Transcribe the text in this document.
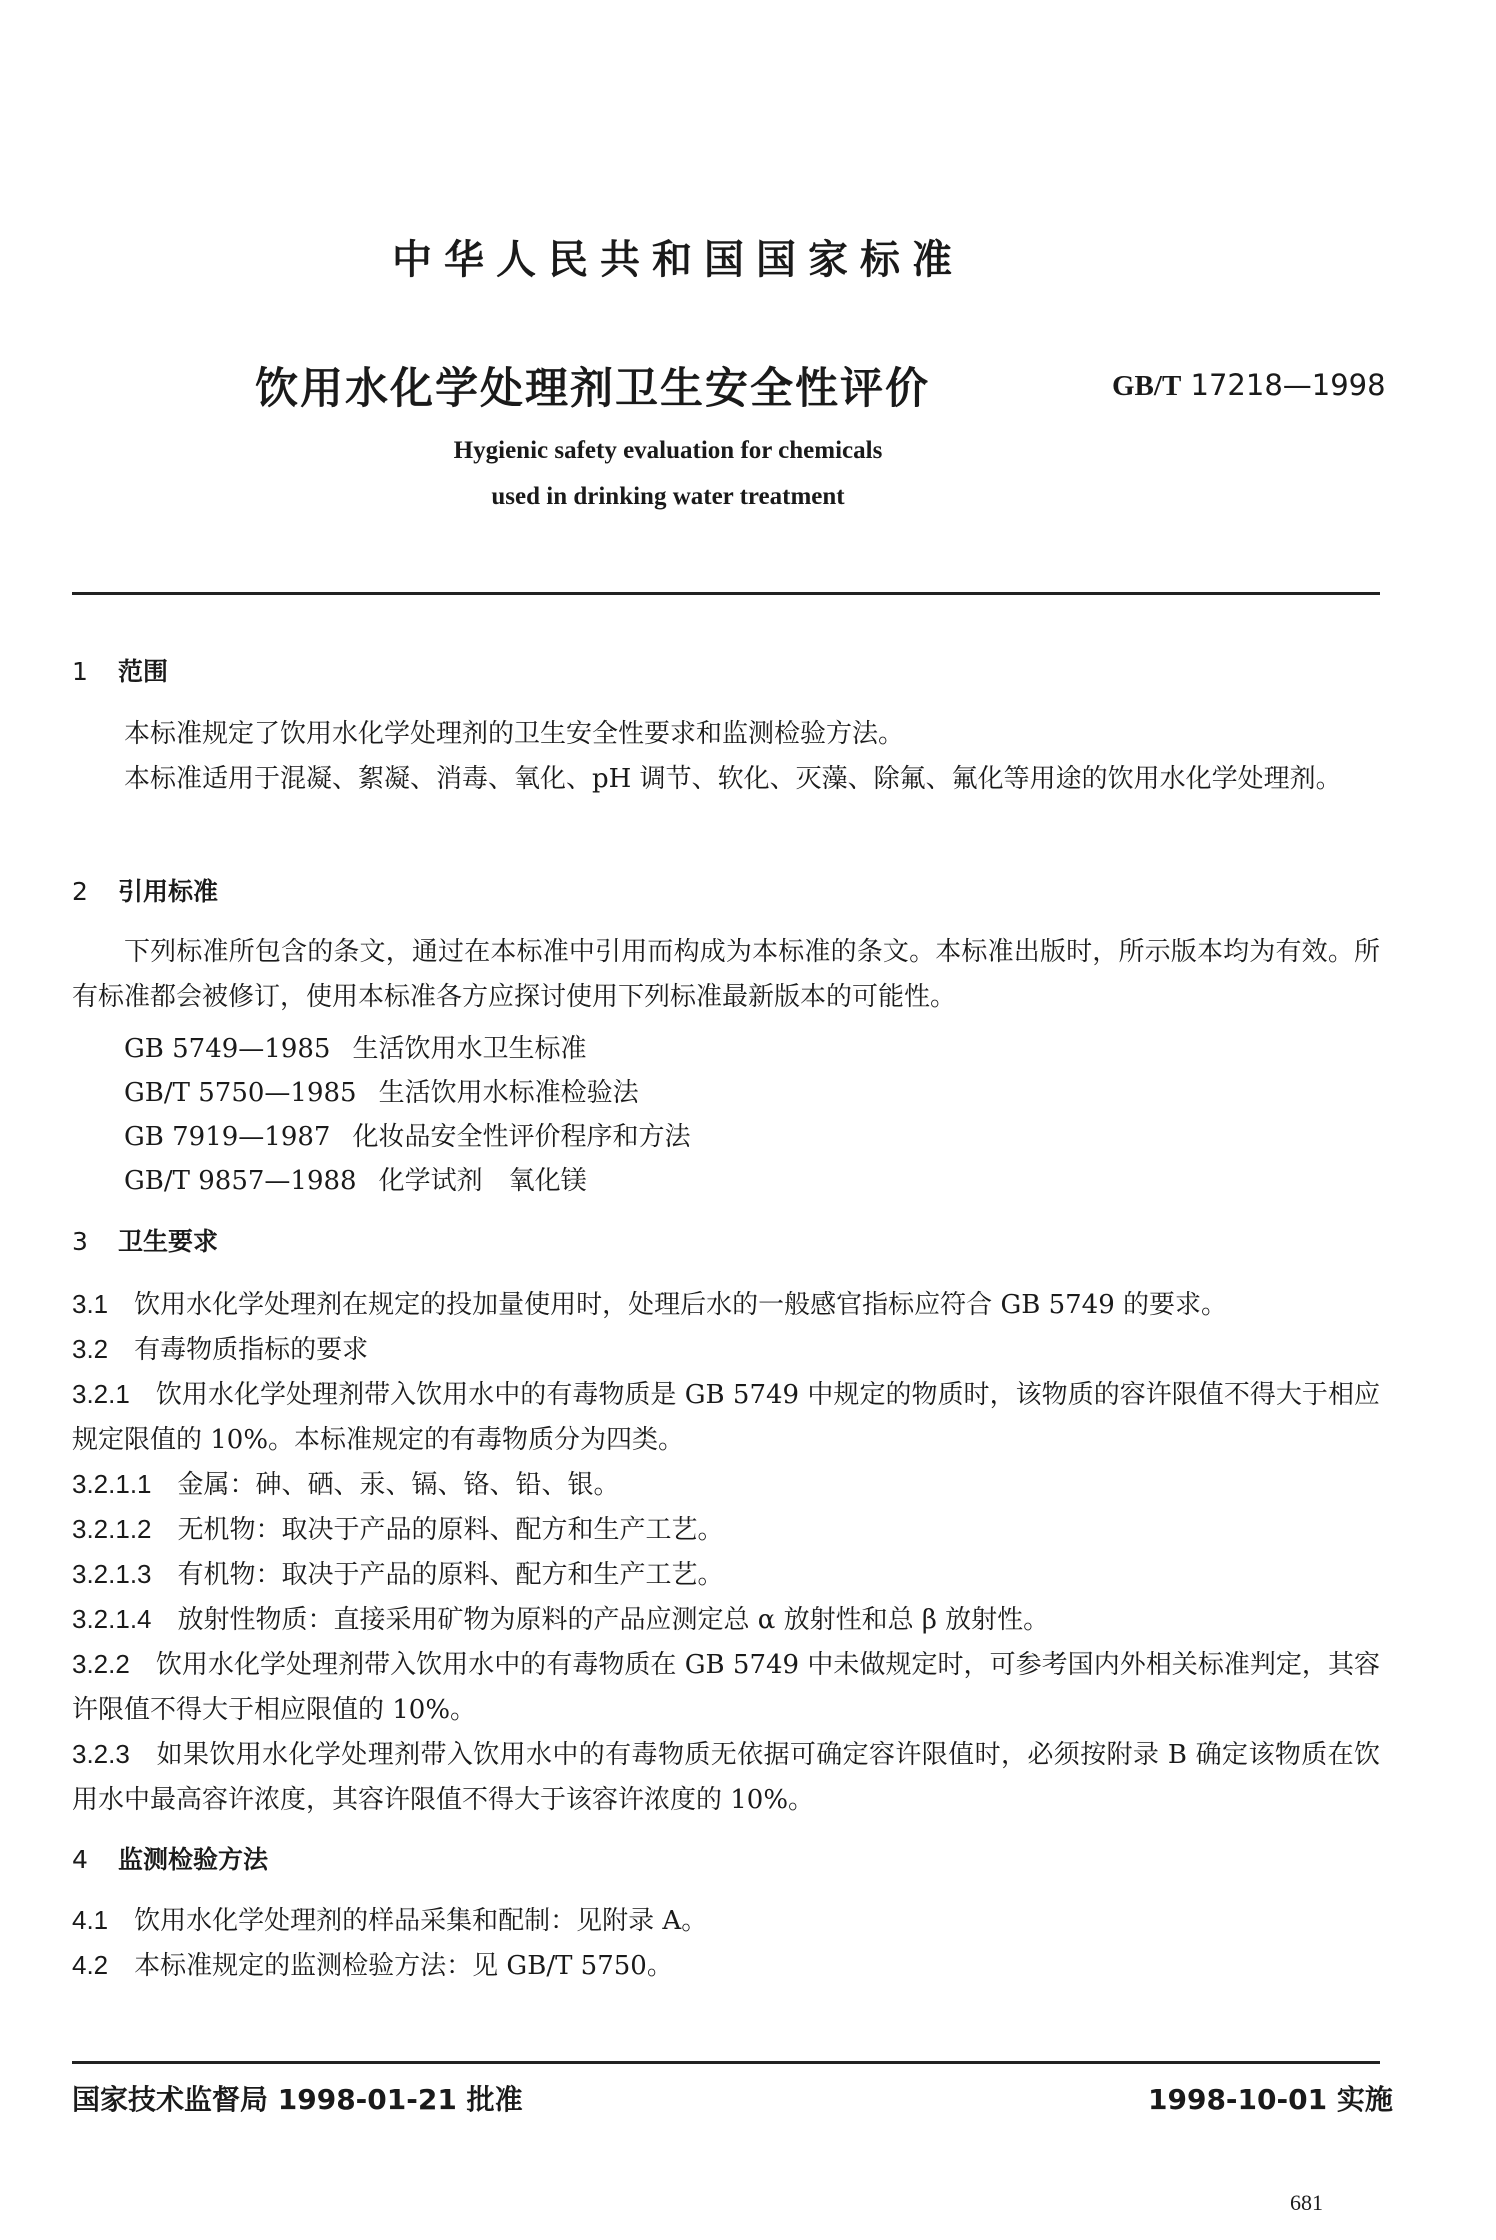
中华人民共和国国家标准
饮用水化学处理剂卫生安全性评价	GB/T 17218—1998
Hygienic safety evaluation for chemicals
used in drinking water treatment
1 范围
本标准规定了饮用水化学处理剂的卫生安全性要求和监测检验方法。
本标准适用于混凝、絮凝、消毒、氧化、pH 调节、软化、灭藻、除氟、氟化等用途的饮用水化学处理剂。
2 引用标准
下列标准所包含的条文，通过在本标准中引用而构成为本标准的条文。本标准出版时，所示版本均为有效。所有标准都会被修订，使用本标准各方应探讨使用下列标准最新版本的可能性。
GB 5749—1985 生活饮用水卫生标准
GB/T 5750—1985 生活饮用水标准检验法
GB 7919—1987 化妆品安全性评价程序和方法
GB/T 9857—1988 化学试剂　氧化镁
3 卫生要求
3.1　 饮用水化学处理剂在规定的投加量使用时，处理后水的一般感官指标应符合 GB 5749 的要求。
3.2　 有毒物质指标的要求
3.2.1　 饮用水化学处理剂带入饮用水中的有毒物质是 GB 5749 中规定的物质时，该物质的容许限值不得大于相应规定限值的 10%。本标准规定的有毒物质分为四类。
3.2.1.1　 金属：砷、硒、汞、镉、铬、铅、银。
3.2.1.2　 无机物：取决于产品的原料、配方和生产工艺。
3.2.1.3　 有机物：取决于产品的原料、配方和生产工艺。
3.2.1.4　 放射性物质：直接采用矿物为原料的产品应测定总 α 放射性和总 β 放射性。
3.2.2　 饮用水化学处理剂带入饮用水中的有毒物质在 GB 5749 中未做规定时，可参考国内外相关标准判定，其容许限值不得大于相应限值的 10%。
3.2.3　 如果饮用水化学处理剂带入饮用水中的有毒物质无依据可确定容许限值时，必须按附录 B 确定该物质在饮用水中最高容许浓度，其容许限值不得大于该容许浓度的 10%。
4 监测检验方法
4.1　 饮用水化学处理剂的样品采集和配制：见附录 A。
4.2　 本标准规定的监测检验方法：见 GB/T 5750。
国家技术监督局 1998-01-21 批准	1998-10-01 实施
681
